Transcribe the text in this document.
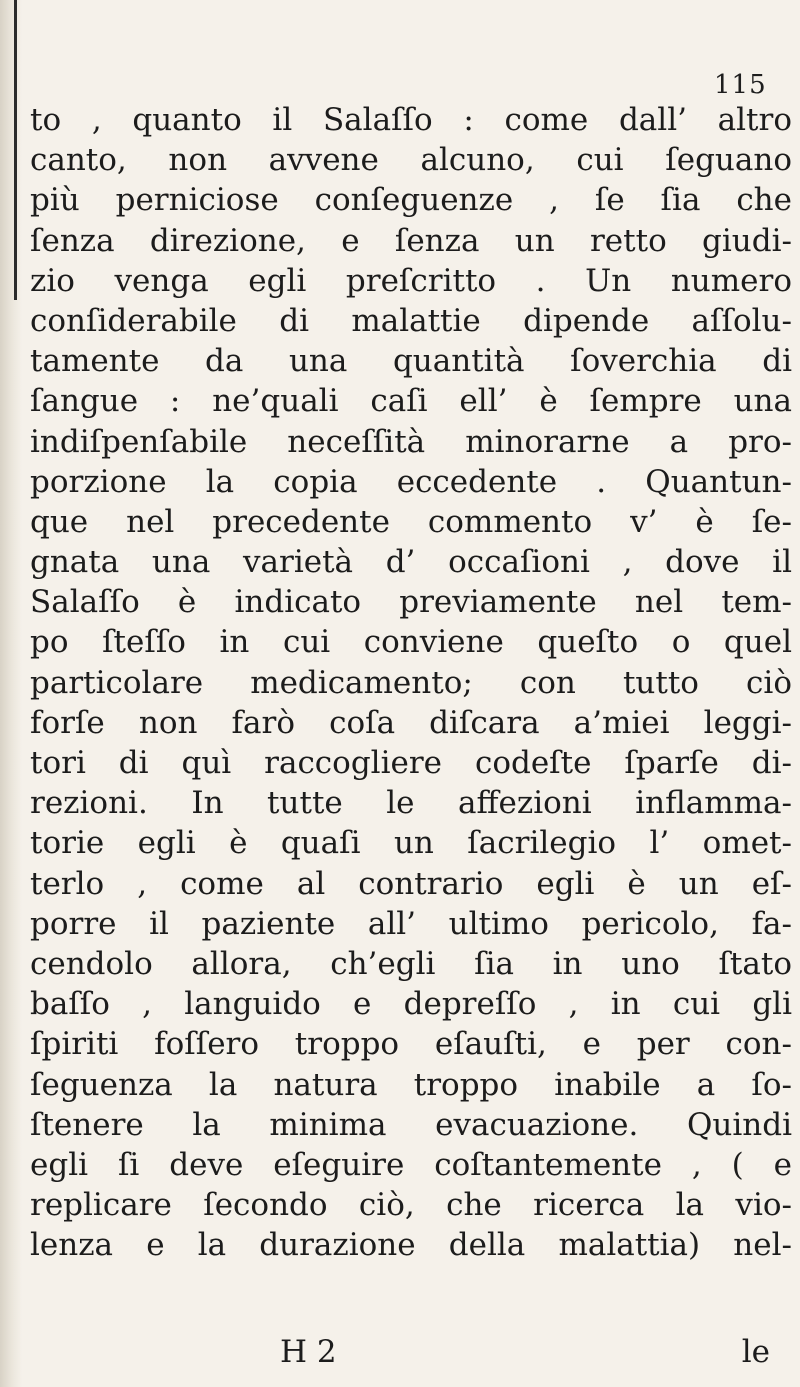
115
to , quanto il Salaſſo : come dall’ altro
canto, non avvene alcuno, cui ſeguano
più perniciose conſeguenze , ſe ſia che
ſenza direzione, e ſenza un retto giudi-
zio venga egli preſcritto . Un numero
conſiderabile di malattie dipende aſſolu-
tamente da una quantità ſoverchia di
ſangue : ne’quali caſi ell’ è ſempre una
indiſpenſabile neceſſità minorarne a pro-
porzione la copia eccedente . Quantun-
que nel precedente commento v’ è ſe-
gnata una varietà d’ occaſioni , dove il
Salaſſo è indicato previamente nel tem-
po ſteſſo in cui conviene queſto o quel
particolare medicamento; con tutto ciò
forſe non farò coſa diſcara a’miei leggi-
tori di quì raccogliere codeſte ſparſe di-
rezioni. In tutte le affezioni inflamma-
torie egli è quaſi un ſacrilegio l’ omet-
terlo , come al contrario egli è un eſ-
porre il paziente all’ ultimo pericolo, fa-
cendolo allora, ch’egli ſia in uno ſtato
baſſo , languido e depreſſo , in cui gli
ſpiriti foſſero troppo eſauſti, e per con-
ſeguenza la natura troppo inabile a ſo-
ſtenere la minima evacuazione. Quindi
egli ſi deve eſeguire coſtantemente , ( e
replicare ſecondo ciò, che ricerca la vio-
lenza e la durazione della malattia) nel-
H 2	le
